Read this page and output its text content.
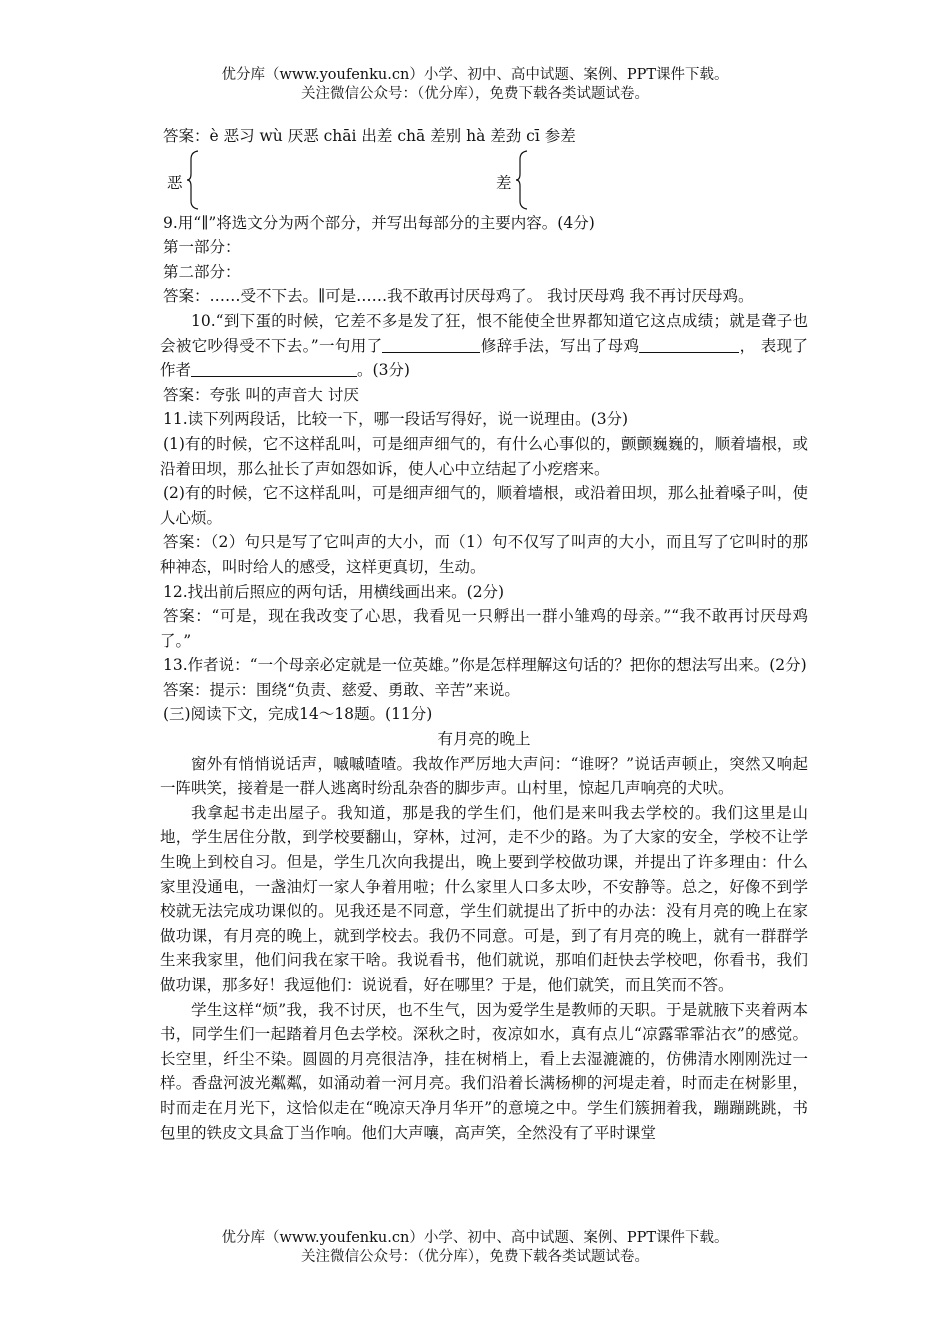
优分库（www.youfenku.cn）小学、初中、高中试题、案例、PPT课件下载。
关注微信公众号：（优分库），免费下载各类试题试卷。

答案：è 恶习 wù 厌恶 chāi 出差 chā 差别 hà 差劲 cī 参差

恶	差

9.用“∥”将选文分为两个部分，并写出每部分的主要内容。(4分)

第一部分：

第二部分：

答案：……受不下去。∥可是……我不敢再讨厌母鸡了。 我讨厌母鸡 我不再讨厌母鸡。

10.“到下蛋的时候，它差不多是发了狂，恨不能使全世界都知道它这点成绩；就是聋子也会被它吵得受不下去。”一句用了	修辞手法，写出了母鸡	， 表现了作者	。(3分)

答案：夸张 叫的声音大 讨厌

11.读下列两段话，比较一下，哪一段话写得好，说一说理由。(3分)

(1)有的时候，它不这样乱叫，可是细声细气的，有什么心事似的，颤颤巍巍的，顺着墙根，或沿着田坝，那么扯长了声如怨如诉，使人心中立结起了小疙瘩来。

(2)有的时候，它不这样乱叫，可是细声细气的，顺着墙根，或沿着田坝，那么扯着嗓子叫，使人心烦。

答案：（2）句只是写了它叫声的大小，而（1）句不仅写了叫声的大小，而且写了它叫时的那种神态，叫时给人的感受，这样更真切，生动。

12.找出前后照应的两句话，用横线画出来。(2分)

答案：“可是，现在我改变了心思，我看见一只孵出一群小雏鸡的母亲。”“我不敢再讨厌母鸡了。”

13.作者说：“一个母亲必定就是一位英雄。”你是怎样理解这句话的？把你的想法写出来。(2分)

答案：提示：围绕“负责、慈爱、勇敢、辛苦”来说。

(三)阅读下文，完成14～18题。(11分)

有月亮的晚上

窗外有悄悄说话声，嘁嘁喳喳。我故作严厉地大声问：“谁呀？”说话声顿止，突然又响起一阵哄笑，接着是一群人逃离时纷乱杂沓的脚步声。山村里，惊起几声响亮的犬吠。

我拿起书走出屋子。我知道，那是我的学生们，他们是来叫我去学校的。我们这里是山地，学生居住分散，到学校要翻山，穿林，过河，走不少的路。为了大家的安全，学校不让学生晚上到校自习。但是，学生几次向我提出，晚上要到学校做功课，并提出了许多理由：什么家里没通电，一盏油灯一家人争着用啦；什么家里人口多太吵，不安静等。总之，好像不到学校就无法完成功课似的。见我还是不同意，学生们就提出了折中的办法：没有月亮的晚上在家做功课，有月亮的晚上，就到学校去。我仍不同意。可是，到了有月亮的晚上，就有一群群学生来我家里，他们问我在家干啥。我说看书，他们就说，那咱们赶快去学校吧，你看书，我们做功课，那多好！我逗他们：说说看，好在哪里？于是，他们就笑，而且笑而不答。

学生这样“烦”我，我不讨厌，也不生气，因为爱学生是教师的天职。于是就腋下夹着两本书，同学生们一起踏着月色去学校。深秋之时，夜凉如水，真有点儿“凉露霏霏沾衣”的感觉。长空里，纤尘不染。圆圆的月亮很洁净，挂在树梢上，看上去湿漉漉的，仿佛清水刚刚洗过一样。香盘河波光粼粼，如涌动着一河月亮。我们沿着长满杨柳的河堤走着，时而走在树影里，时而走在月光下，这恰似走在“晚凉天净月华开”的意境之中。学生们簇拥着我，蹦蹦跳跳，书包里的铁皮文具盒丁当作响。他们大声嚷，高声笑，全然没有了平时课堂

优分库（www.youfenku.cn）小学、初中、高中试题、案例、PPT课件下载。
关注微信公众号：（优分库），免费下载各类试题试卷。
